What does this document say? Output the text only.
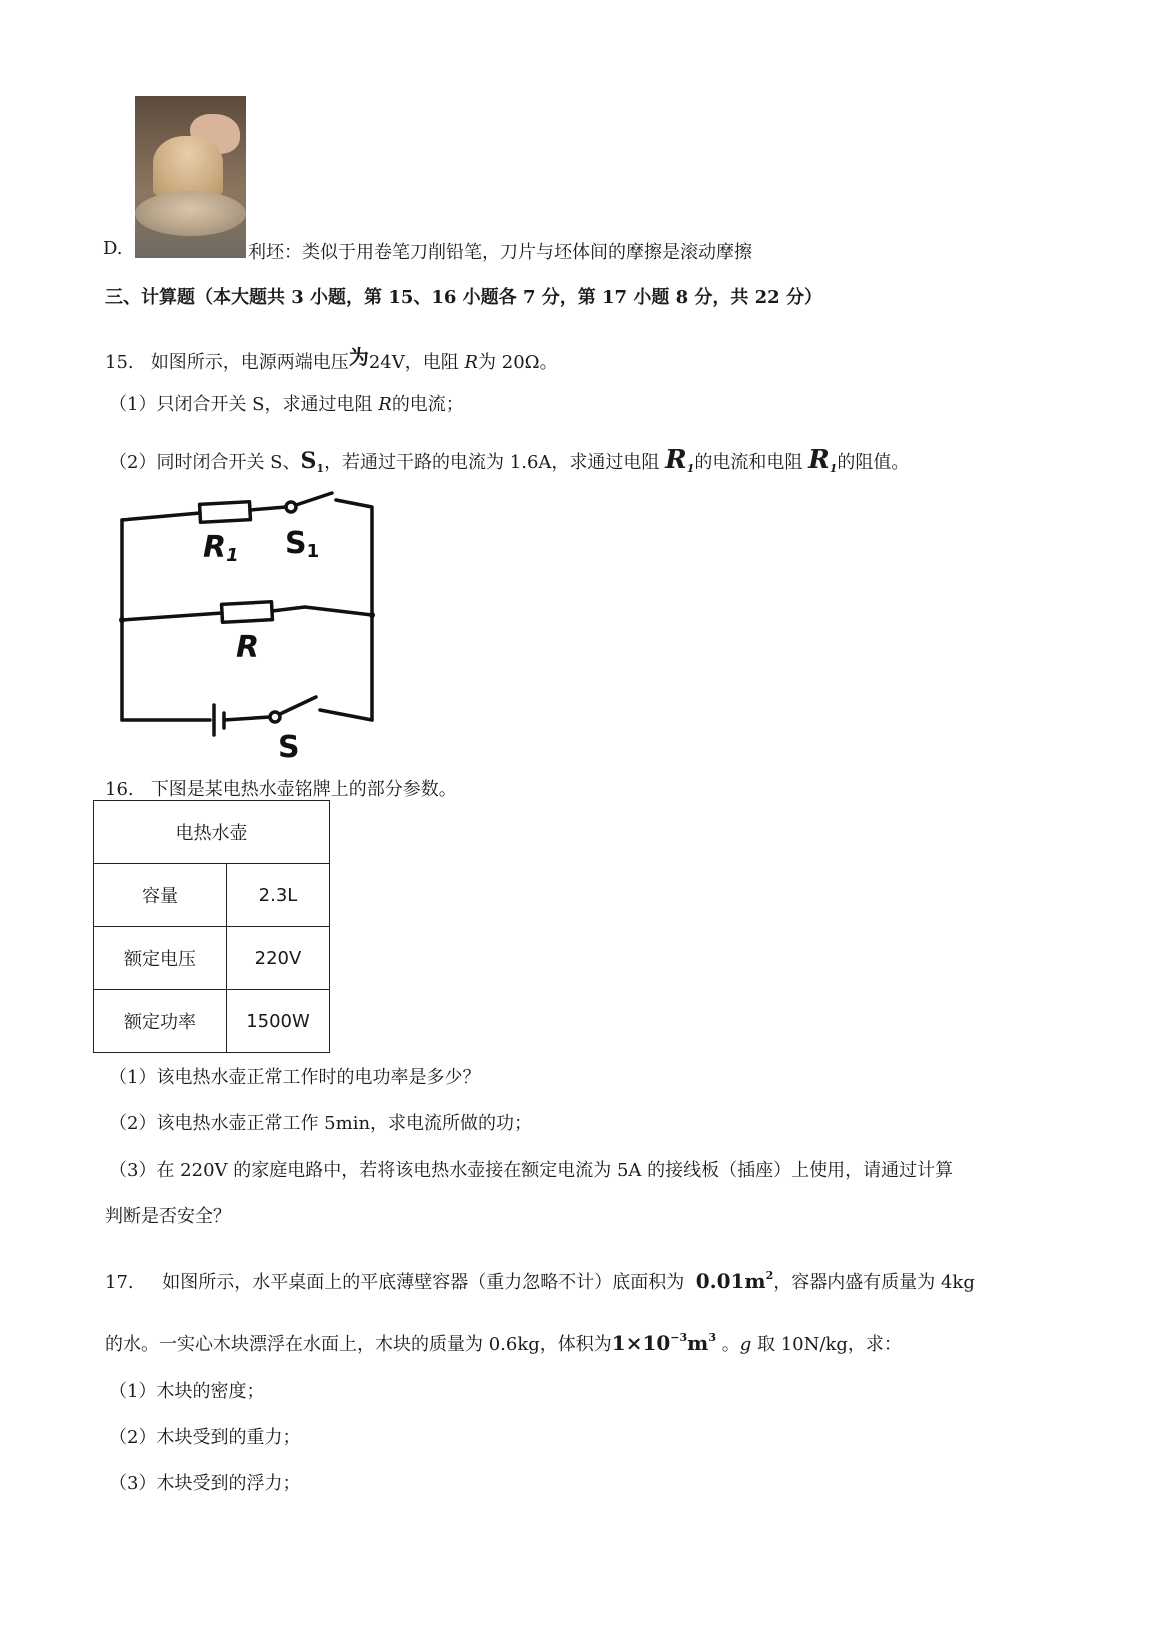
D.	利坯：类似于用卷笔刀削铅笔，刀片与坯体间的摩擦是滚动摩擦
三、计算题（本大题共 3 小题，第 15、16 小题各 7 分，第 17 小题 8 分，共 22 分）
15. 如图所示，电源两端电压为24V，电阻 R为 20Ω。
（1）只闭合开关 S，求通过电阻 R的电流；
（2）同时闭合开关 S、$S_1$，若通过干路的电流为 1.6A，求通过电阻 $R_1$的电流和电阻 $R_1$的阻值。
R1 S1
R
S
16. 下图是某电热水壶铭牌上的部分参数。
电热水壶	
容量	2.3L
额定电压	220V
额定功率	1500W
（1）该电热水壶正常工作时的电功率是多少？
（2）该电热水壶正常工作 5min，求电流所做的功；
（3）在 220V 的家庭电路中，若将该电热水壶接在额定电流为 5A 的接线板（插座）上使用，请通过计算
判断是否安全？
17. 如图所示，水平桌面上的平底薄壁容器（重力忽略不计）底面积为 $0.01m^2$，容器内盛有质量为 4kg
的水。一实心木块漂浮在水面上，木块的质量为 0.6kg，体积为$1\times 10^{-3}m^3$ 。g 取 10N/kg，求：
（1）木块的密度；
（2）木块受到的重力；
（3）木块受到的浮力；
